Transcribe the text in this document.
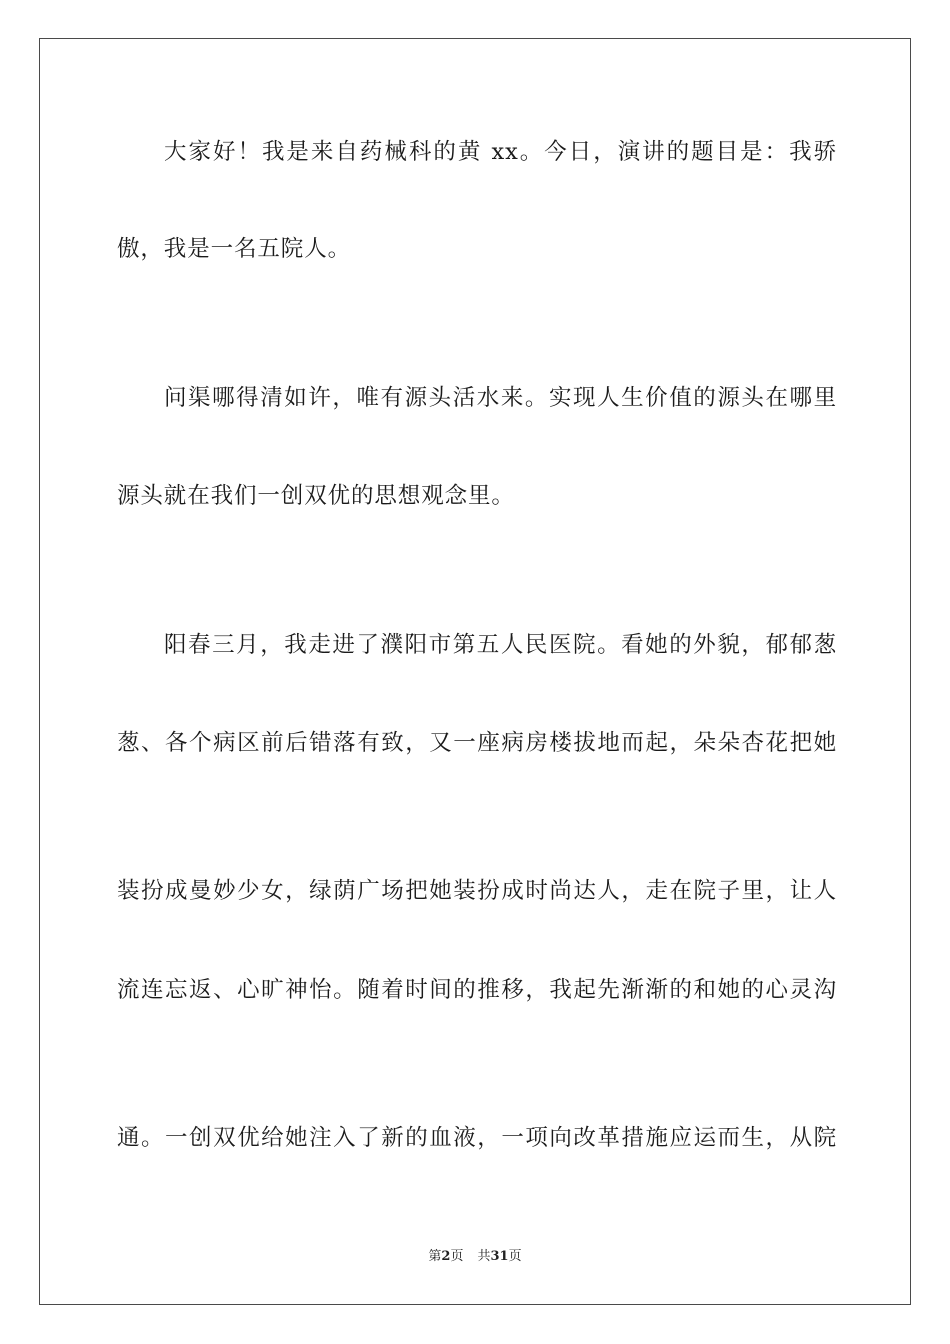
大家好！我是来自药械科的黄 xx。今日，演讲的题目是：我骄
傲，我是一名五院人。
问渠哪得清如许，唯有源头活水来。实现人生价值的源头在哪里
源头就在我们一创双优的思想观念里。
阳春三月，我走进了濮阳市第五人民医院。看她的外貌，郁郁葱
葱、各个病区前后错落有致，又一座病房楼拔地而起，朵朵杏花把她
装扮成曼妙少女，绿荫广场把她装扮成时尚达人，走在院子里，让人
流连忘返、心旷神怡。随着时间的推移，我起先渐渐的和她的心灵沟
通。一创双优给她注入了新的血液，一项向改革措施应运而生，从院
第2页 共31页
